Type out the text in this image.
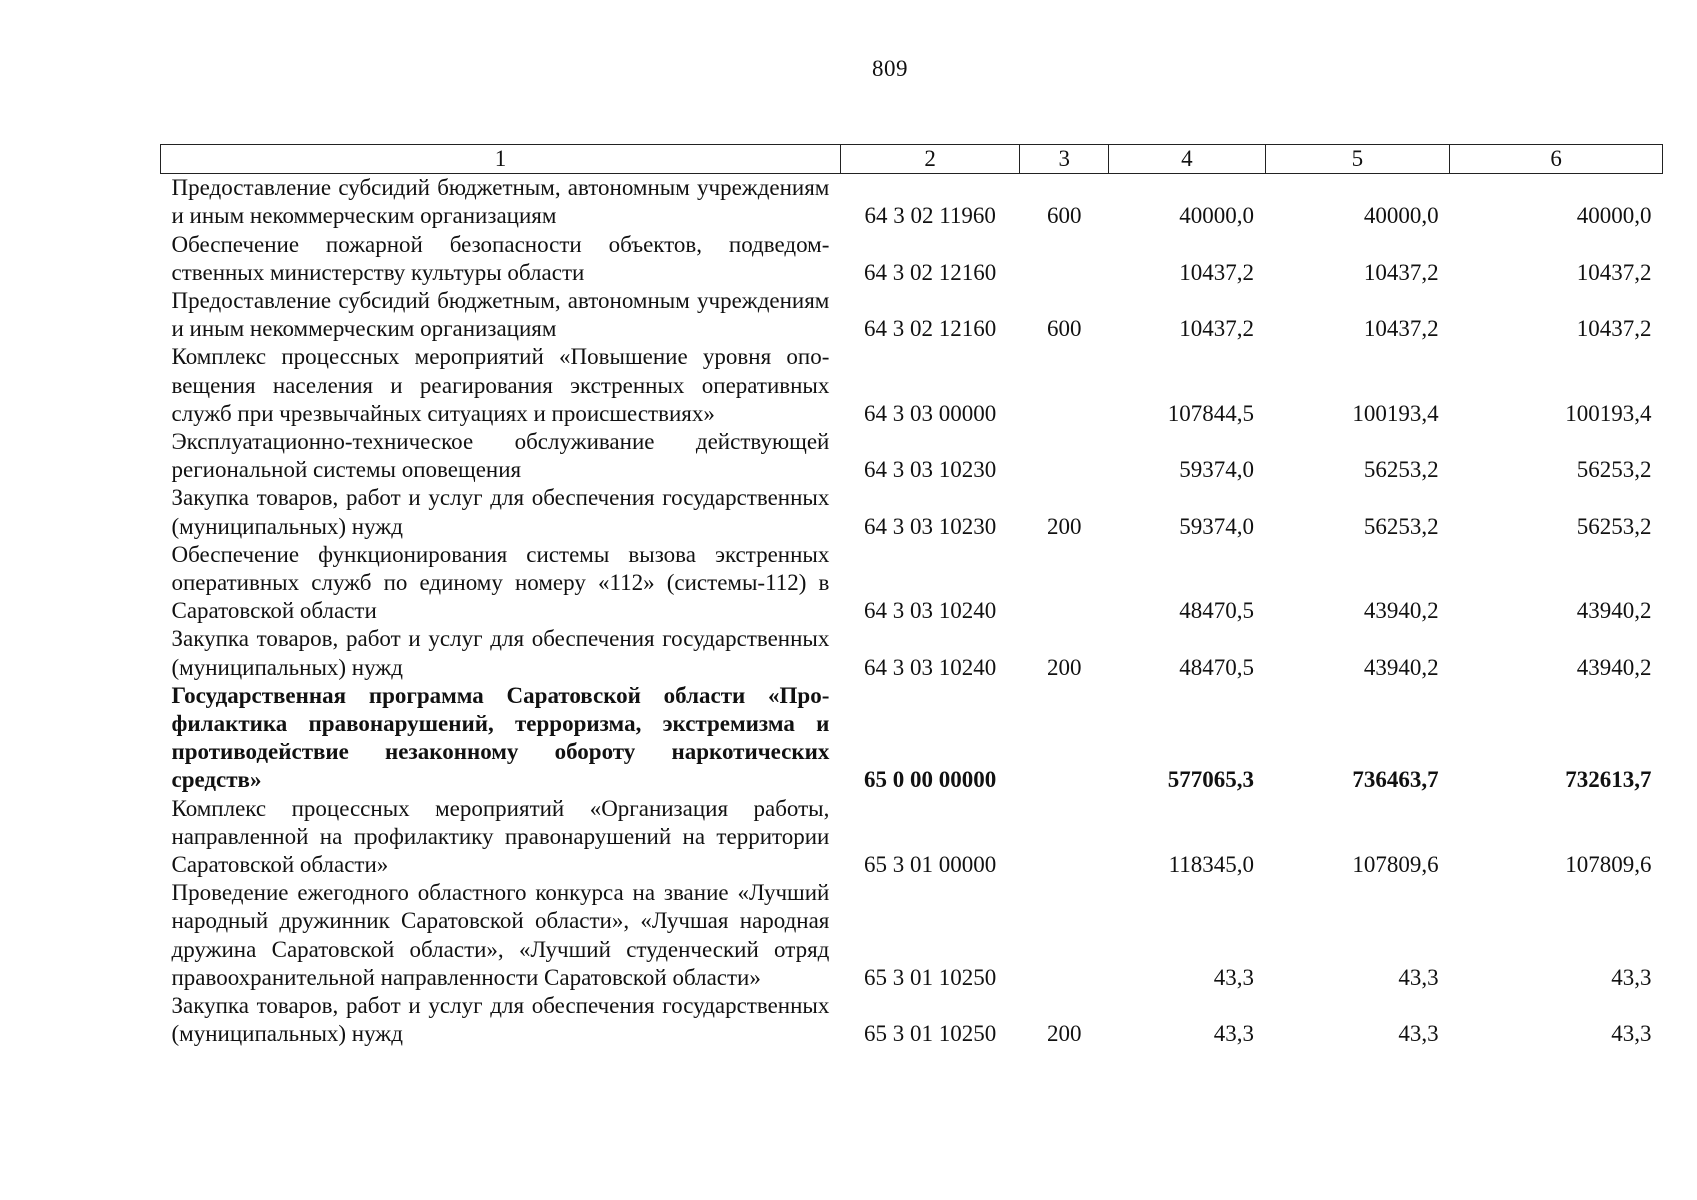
809
1	2	3	4	5	6
Предоставление субсидий бюджетным, автономным учреждениям и иным некоммерческим организациям	64 3 02 11960	600	40000,0	40000,0	40000,0
Обеспечение пожарной безопасности объектов, подведомственных министерству культуры области	64 3 02 12160		10437,2	10437,2	10437,2
Предоставление субсидий бюджетным, автономным учреждениям и иным некоммерческим организациям	64 3 02 12160	600	10437,2	10437,2	10437,2
Комплекс процессных мероприятий «Повышение уровня оповещения населения и реагирования экстренных оперативных служб при чрезвычайных ситуациях и происшествиях»	64 3 03 00000		107844,5	100193,4	100193,4
Эксплуатационно-техническое обслуживание действующей региональной системы оповещения	64 3 03 10230		59374,0	56253,2	56253,2
Закупка товаров, работ и услуг для обеспечения государственных (муниципальных) нужд	64 3 03 10230	200	59374,0	56253,2	56253,2
Обеспечение функционирования системы вызова экстренных оперативных служб по единому номеру «112» (системы-112) в Саратовской области	64 3 03 10240		48470,5	43940,2	43940,2
Закупка товаров, работ и услуг для обеспечения государственных (муниципальных) нужд	64 3 03 10240	200	48470,5	43940,2	43940,2
Государственная программа Саратовской области «Профилактика правонарушений, терроризма, экстремизма и противодействие незаконному обороту наркотических средств»	65 0 00 00000		577065,3	736463,7	732613,7
Комплекс процессных мероприятий «Организация работы, направленной на профилактику правонарушений на территории Саратовской области»	65 3 01 00000		118345,0	107809,6	107809,6
Проведение ежегодного областного конкурса на звание «Лучший народный дружинник Саратовской области», «Лучшая народная дружина Саратовской области», «Лучший студенческий отряд правоохранительной направленности Саратовской области»	65 3 01 10250		43,3	43,3	43,3
Закупка товаров, работ и услуг для обеспечения государственных (муниципальных) нужд	65 3 01 10250	200	43,3	43,3	43,3
